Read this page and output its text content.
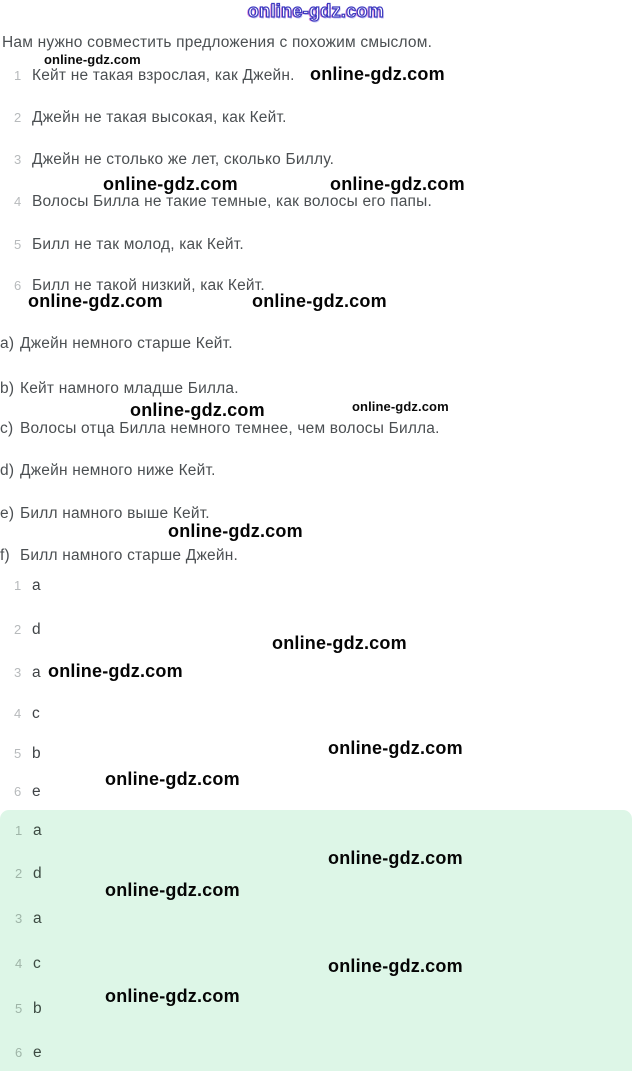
online-gdz.com
Нам нужно совместить предложения с похожим смыслом.
online-gdz.com
1 Кейт не такая взрослая, как Джейн.
2 Джейн не такая высокая, как Кейт.
3 Джейн не столько же лет, сколько Биллу.
4 Волосы Билла не такие темные, как волосы его папы.
5 Билл не так молод, как Кейт.
6 Билл не такой низкий, как Кейт.
online-gdz.com
online-gdz.com	online-gdz.com
online-gdz.com	online-gdz.com
a) Джейн немного старше Кейт.
b) Кейт намного младше Билла.
c) Волосы отца Билла немного темнее, чем волосы Билла.
d) Джейн немного ниже Кейт.
e) Билл намного выше Кейт.
f) Билл намного старше Джейн.
online-gdz.com	online-gdz.com
online-gdz.com
1 a
2 d
3 a
4 c
5 b
6 e
online-gdz.com
online-gdz.com
online-gdz.com
online-gdz.com
1 a
2 d
3 a
4 c
5 b
6 e
online-gdz.com
online-gdz.com
online-gdz.com
online-gdz.com
